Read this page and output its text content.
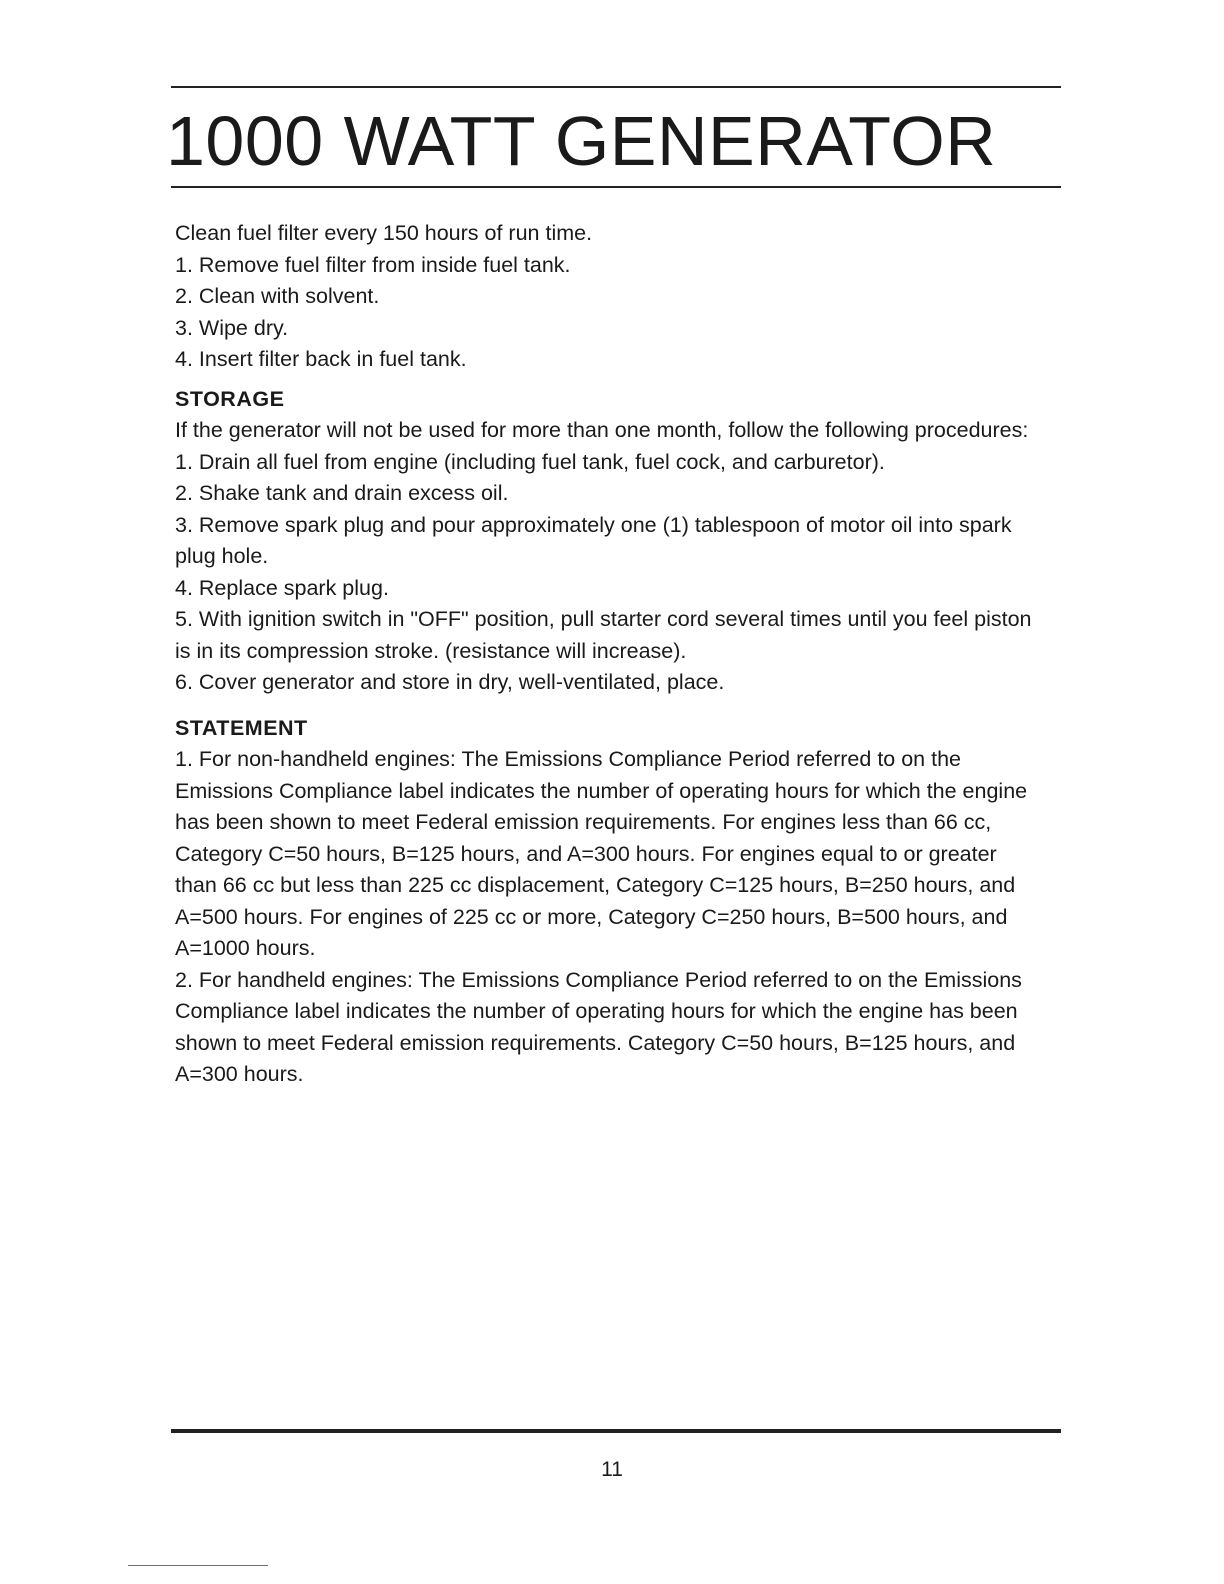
1000 WATT GENERATOR

Clean fuel filter every 150 hours of run time.

1. Remove fuel filter from inside fuel tank.

2. Clean with solvent.

3. Wipe dry.

4. Insert filter back in fuel tank.

STORAGE

If the generator will not be used for more than one month, follow the following procedures:

1. Drain all fuel from engine (including fuel tank, fuel cock, and carburetor).

2. Shake tank and drain excess oil.

3. Remove spark plug and pour approximately one (1) tablespoon of motor oil into spark plug hole.

4. Replace spark plug.

5. With ignition switch in "OFF" position, pull starter cord several times until you feel piston is in its compression stroke. (resistance will increase).

6. Cover generator and store in dry, well-ventilated, place.

STATEMENT

1. For non-handheld engines: The Emissions Compliance Period referred to on the Emissions Compliance label indicates the number of operating hours for which the engine has been shown to meet Federal emission requirements. For engines less than 66 cc, Category C=50 hours, B=125 hours, and A=300 hours. For engines equal to or greater than 66 cc but less than 225 cc displacement, Category C=125 hours, B=250 hours, and A=500 hours. For engines of 225 cc or more, Category C=250 hours, B=500 hours, and A=1000 hours.

2. For handheld engines: The Emissions Compliance Period referred to on the Emissions Compliance label indicates the number of operating hours for which the engine has been shown to meet Federal emission requirements. Category C=50 hours, B=125 hours, and A=300 hours.

11
